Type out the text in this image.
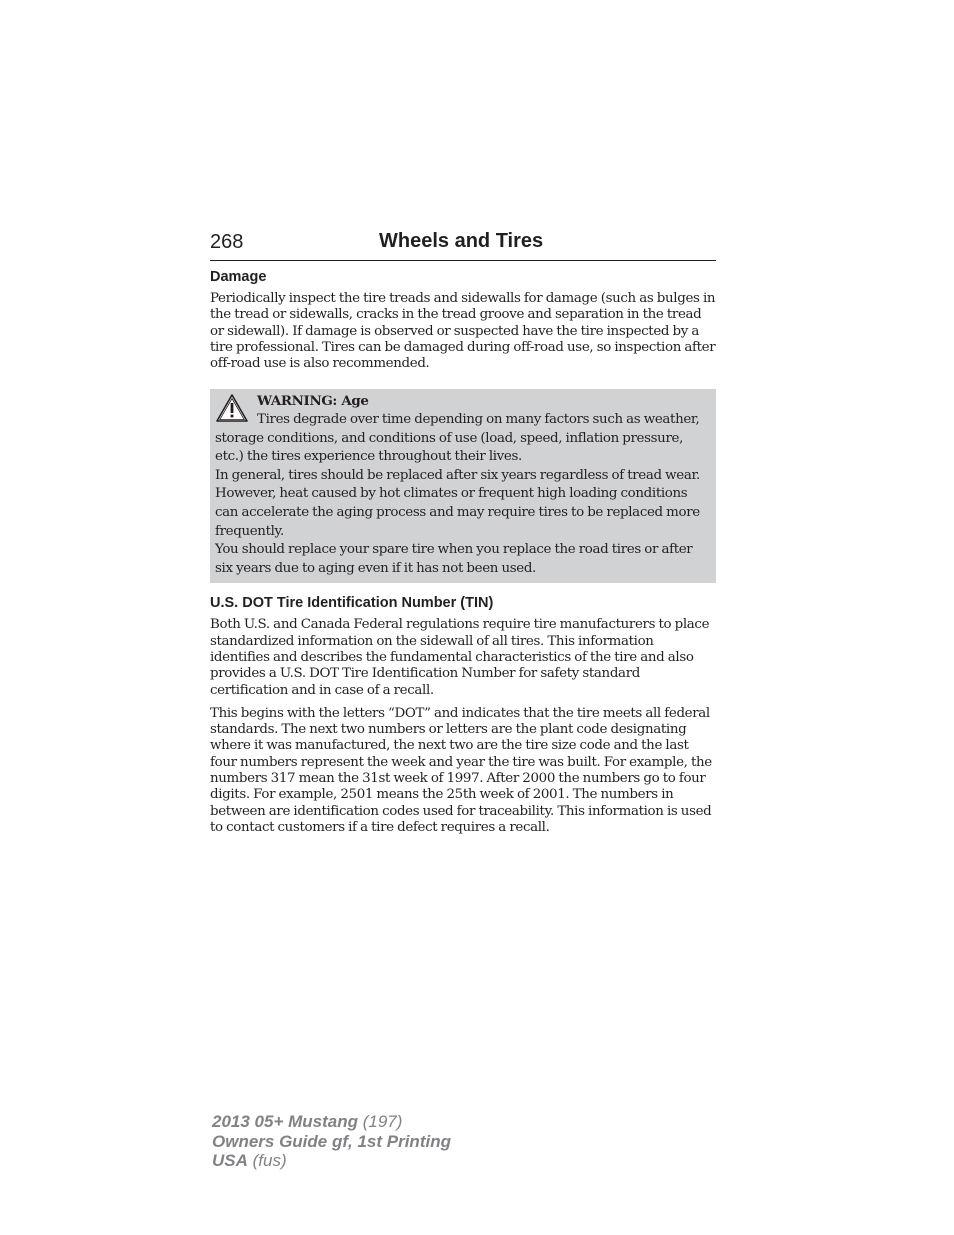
268	Wheels and Tires
Damage

Periodically inspect the tire treads and sidewalls for damage (such as bulges in the tread or sidewalls, cracks in the tread groove and separation in the tread or sidewall). If damage is observed or suspected have the tire inspected by a tire professional. Tires can be damaged during off-road use, so inspection after off-road use is also recommended.

WARNING: Age

Tires degrade over time depending on many factors such as weather, storage conditions, and conditions of use (load, speed, inflation pressure, etc.) the tires experience throughout their lives.

In general, tires should be replaced after six years regardless of tread wear. However, heat caused by hot climates or frequent high loading conditions can accelerate the aging process and may require tires to be replaced more frequently.

You should replace your spare tire when you replace the road tires or after six years due to aging even if it has not been used.

U.S. DOT Tire Identification Number (TIN)

Both U.S. and Canada Federal regulations require tire manufacturers to place standardized information on the sidewall of all tires. This information identifies and describes the fundamental characteristics of the tire and also provides a U.S. DOT Tire Identification Number for safety standard certification and in case of a recall.

This begins with the letters “DOT” and indicates that the tire meets all federal standards. The next two numbers or letters are the plant code designating where it was manufactured, the next two are the tire size code and the last four numbers represent the week and year the tire was built. For example, the numbers 317 mean the 31st week of 1997. After 2000 the numbers go to four digits. For example, 2501 means the 25th week of 2001. The numbers in between are identification codes used for traceability. This information is used to contact customers if a tire defect requires a recall.

2013 05+ Mustang (197)
Owners Guide gf, 1st Printing
USA (fus)
